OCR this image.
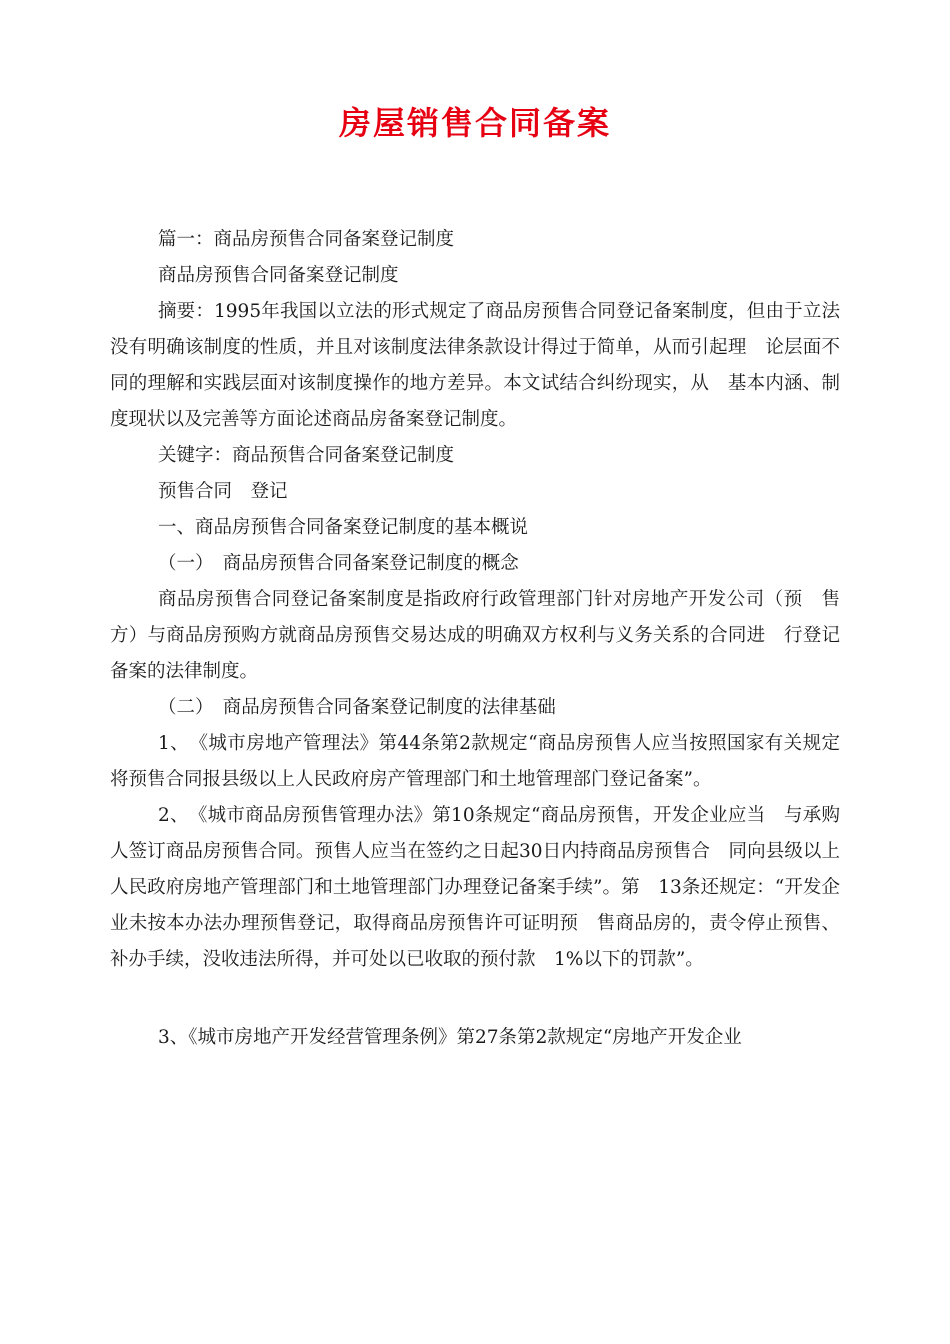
房屋销售合同备案

篇一：商品房预售合同备案登记制度

商品房预售合同备案登记制度

摘要：1995年我国以立法的形式规定了商品房预售合同登记备案制度，但由于立法没有明确该制度的性质，并且对该制度法律条款设计得过于简单，从而引起理　论层面不同的理解和实践层面对该制度操作的地方差异。本文试结合纠纷现实，从　基本内涵、制度现状以及完善等方面论述商品房备案登记制度。

关键字：商品预售合同备案登记制度

预售合同　登记

一、商品房预售合同备案登记制度的基本概说

（一）　商品房预售合同备案登记制度的概念

商品房预售合同登记备案制度是指政府行政管理部门针对房地产开发公司（预　售方）与商品房预购方就商品房预售交易达成的明确双方权利与义务关系的合同进　行登记备案的法律制度。

（二）　商品房预售合同备案登记制度的法律基础

1、　《城市房地产管理法》第44条第2款规定“商品房预售人应当按照国家有关规定将预售合同报县级以上人民政府房产管理部门和土地管理部门登记备案”。

2、　《城市商品房预售管理办法》第10条规定“商品房预售，开发企业应当　与承购人签订商品房预售合同。预售人应当在签约之日起30日内持商品房预售合　同向县级以上人民政府房地产管理部门和土地管理部门办理登记备案手续”。第　13条还规定：“开发企业未按本办法办理预售登记，取得商品房预售许可证明预　售商品房的，责令停止预售、补办手续，没收违法所得，并可处以已收取的预付款　1%以下的罚款”。

3、《城市房地产开发经营管理条例》第27条第2款规定“房地产开发企业
